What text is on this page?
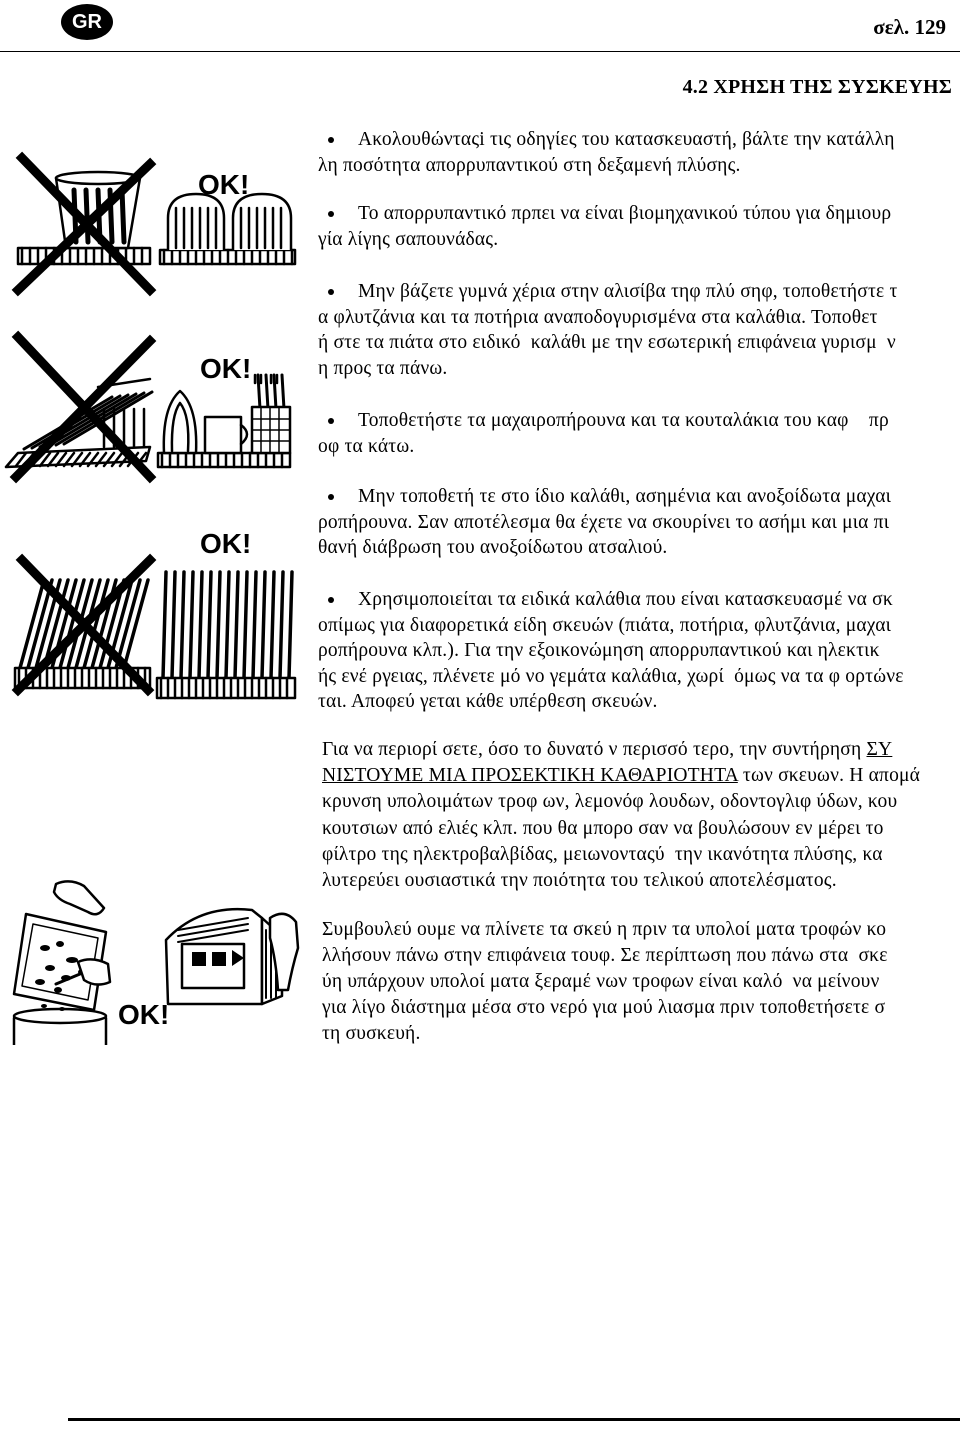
GR	σελ. 129
4.2 ΧΡΗΣΗ ΤΗΣ ΣΥΣΚΕΥΗΣ
Ακολουθώνταςi τις οδηγίες του κατασκευαστή, βάλτε την κατάλλη
λη ποσότητα απορρυπαντικού στη δεξαμενή πλύσης.
Το απορρυπαντικό πρπει να είναι βιομηχανικού τύπου για δημιουρ
γία λίγης σαπουνάδας.
Μην βάζετε γυμνά χέρια στην αλισίβα τηφ πλύ σηφ, τοποθετήστε τ
α φλυτζάνια και τα ποτήρια αναποδογυρισμένα στα καλάθια. Τοποθετ
ή στε τα πιάτα στο ειδικό  καλάθι με την εσωτερική επιφάνεια γυρισμ  ν
η προς τα πάνω.
Τοποθετήστε τα μαχαιροπήρουνα και τα κουταλάκια του καφ    πρ
οφ τα κάτω.
Μην τοποθετή τε στο ίδιο καλάθι, ασημένια και ανοξοίδωτα μαχαι
ροπήρουνα. Σαν αποτέλεσμα θα έχετε να σκουρίνει το ασήμι και μια πι
θανή διάβρωση του ανοξοίδωτου ατσαλιού.
Χρησιμοποιείται τα ειδικά καλάθια που είναι κατασκευασμέ να σκ
οπίμως για διαφορετικά είδη σκευών (πιάτα, ποτήρια, φλυτζάνια, μαχαι
ροπήρουνα κλπ.). Για την εξοικονώμηση απορρυπαντικού και ηλεκτικ
ής ενέ ργειας, πλένετε μό νο γεμάτα καλάθια, χωρί  όμως να τα φ ορτώνε
ται. Αποφεύ γεται κάθε υπέρθεση σκευών.
Για να περιορί σετε, όσο το δυνατό ν περισσό τερο, την συντήρηση ΣΥ
ΝΙΣΤΟΥΜΕ ΜΙΑ ΠΡΟΣΕΚΤΙΚΗ ΚΑΘΑΡΙΟΤΗΤΑ των σκευων. Η απομά
κρυνση υπολοιμάτων τροφ ων, λεμονόφ λουδων, οδοντογλιφ ύδων, κου
κουτσιων από ελιές κλπ. που θα μπορο σαν να βουλώσουν εν μέρει το
φίλτρο της ηλεκτροβαλβίδας, μειωνονταςύ  την ικανότητα πλύσης, κα
λυτερεύει ουσιαστικά την ποιότητα του τελικού αποτελέσματος.
Συμβουλεύ ουμε να πλίνετε τα σκεύ η πριν τα υπολοί ματα τροφών κο
λλήσουν πάνω στην επιφάνεια τουφ. Σε περίπτωση που πάνω στα  σκε
ύη υπάρχουν υπολοί ματα ξεραμέ νων τροφων είναι καλό  να μείνουν
για λίγο διάστημα μέσα στο νερό για μού λιασμα πριν τοποθετήσετε σ
τη συσκευή.
OK!
OK!
OK!
OK!
